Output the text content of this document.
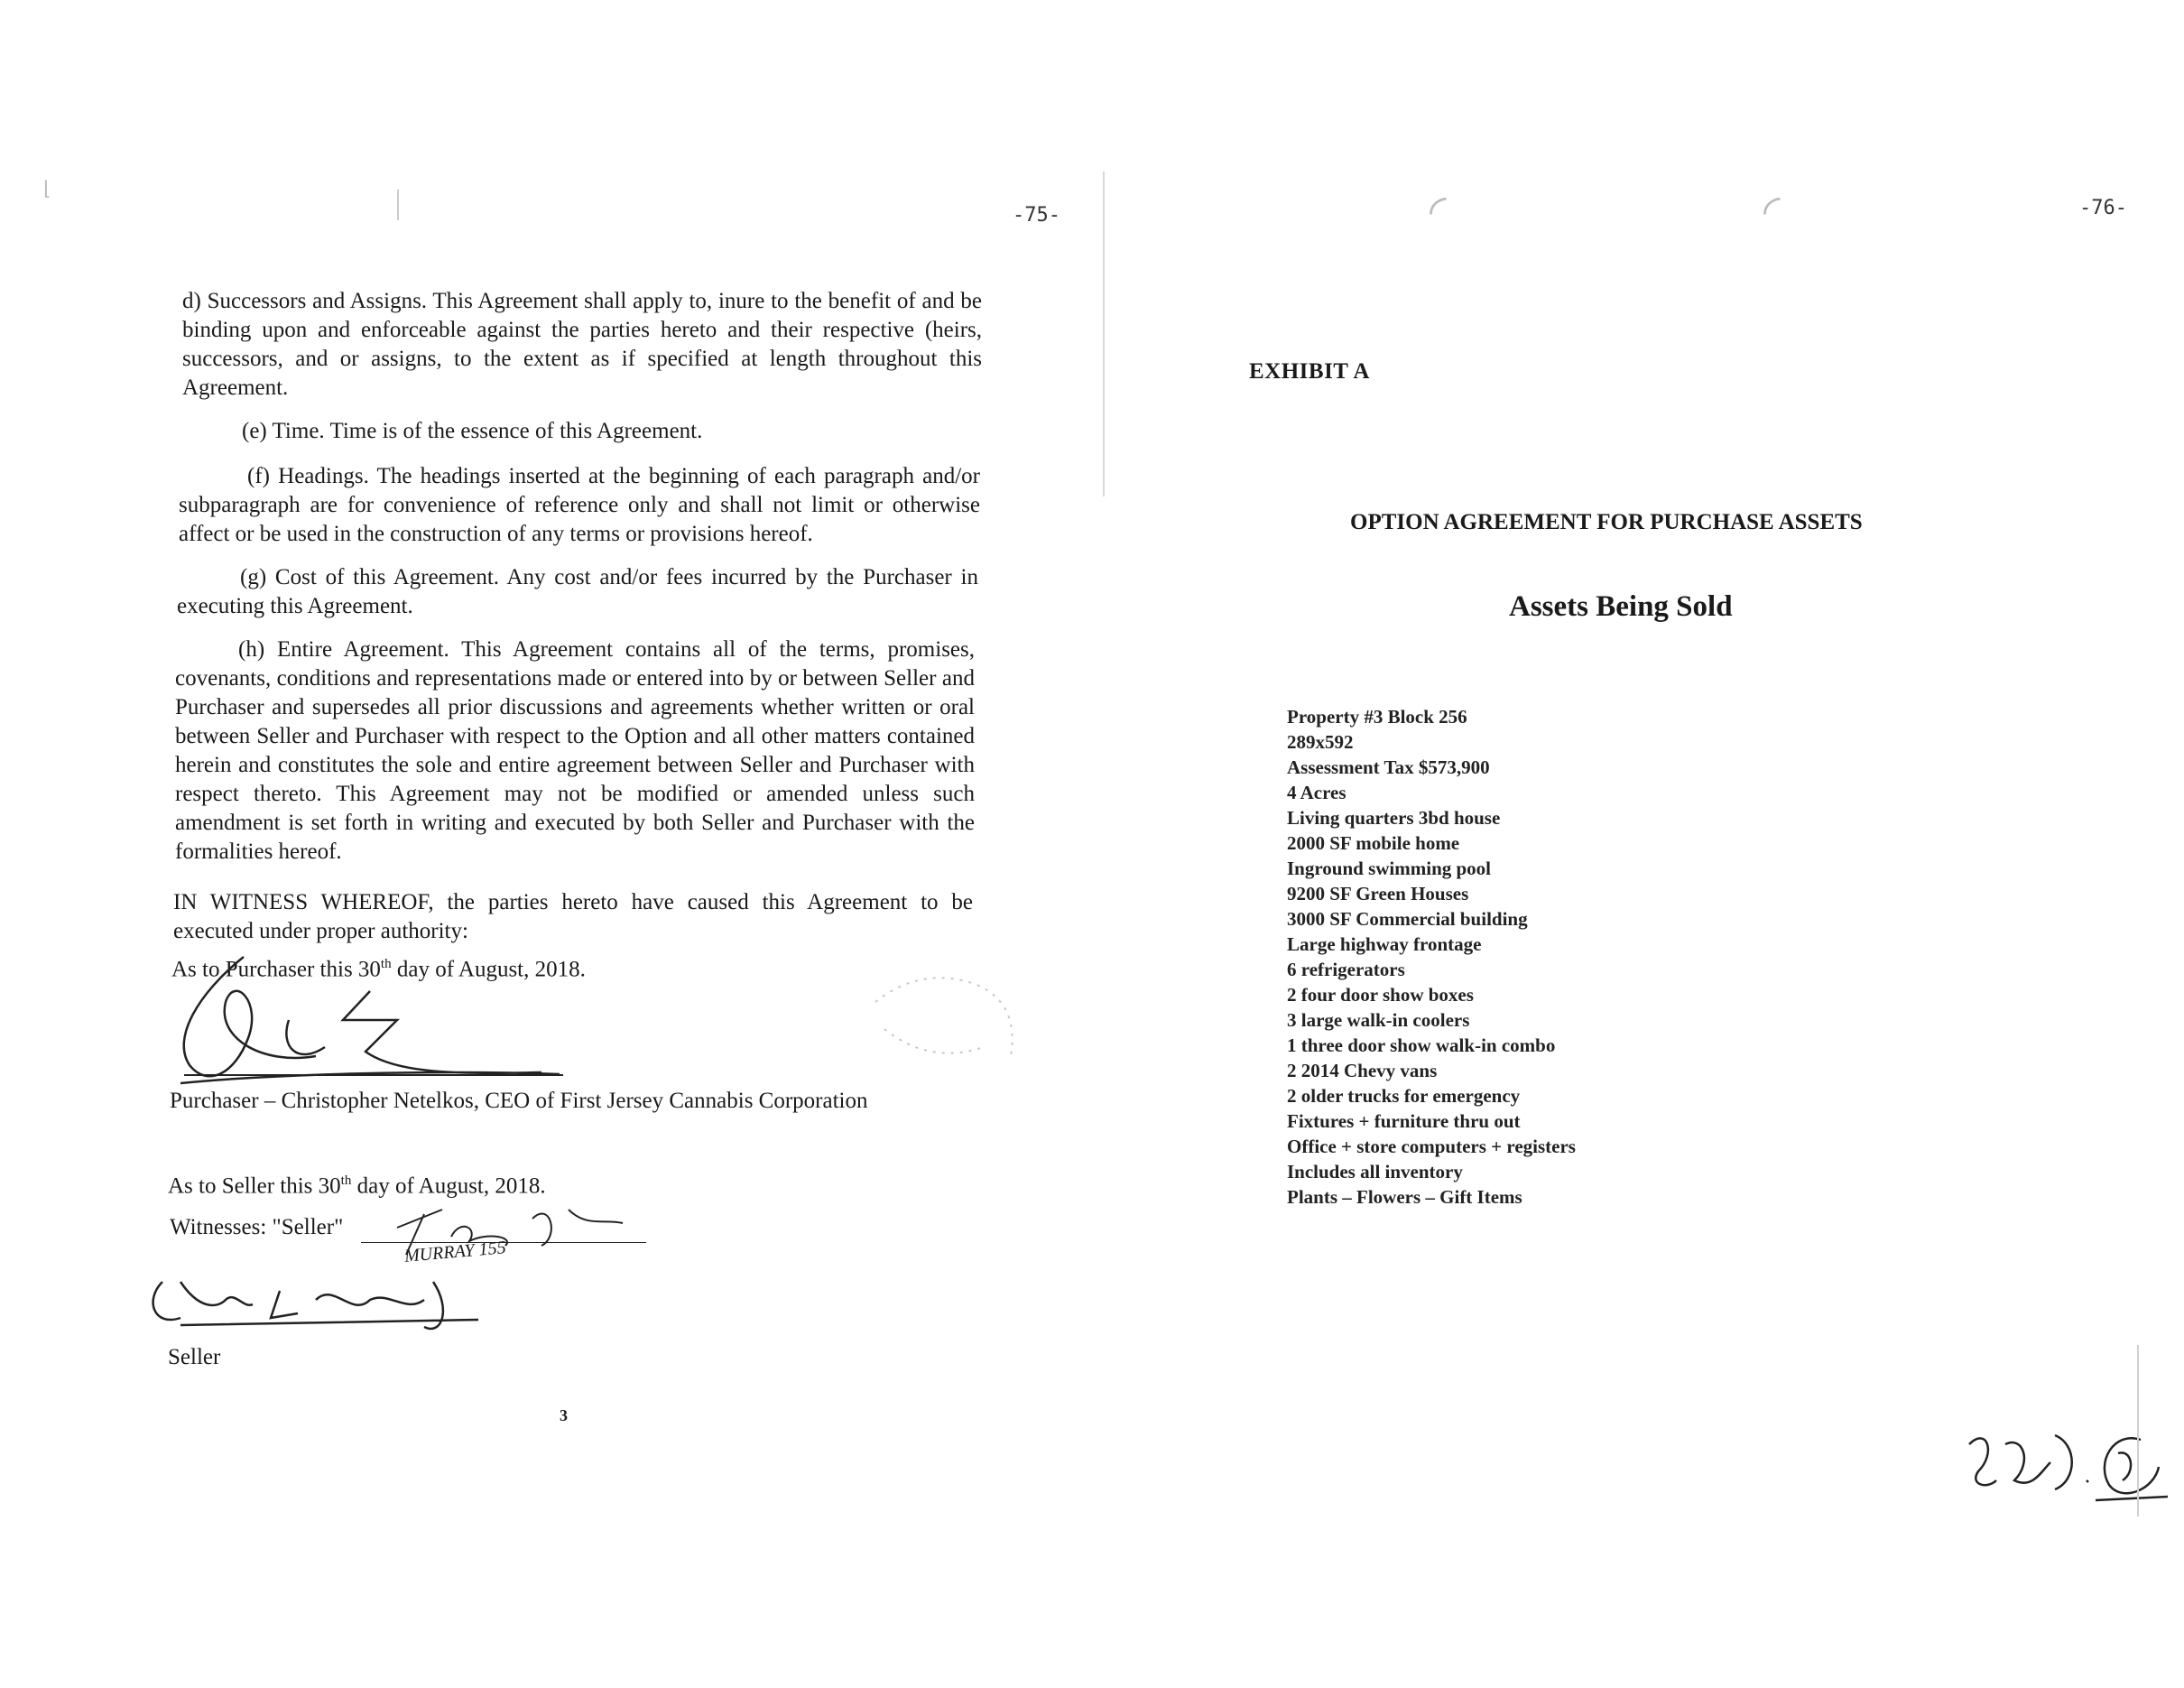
⌊
-75-

d) Successors and Assigns. This Agreement shall apply to, inure to the benefit of and be binding upon and enforceable against the parties hereto and their respective (heirs, successors, and or assigns, to the extent as if specified at length throughout this Agreement.

(e) Time. Time is of the essence of this Agreement.

(f) Headings. The headings inserted at the beginning of each paragraph and/or subparagraph are for convenience of reference only and shall not limit or otherwise affect or be used in the construction of any terms or provisions hereof.

(g) Cost of this Agreement. Any cost and/or fees incurred by the Purchaser in executing this Agreement.

(h) Entire Agreement. This Agreement contains all of the terms, promises, covenants, conditions and representations made or entered into by or between Seller and Purchaser and supersedes all prior discussions and agreements whether written or oral between Seller and Purchaser with respect to the Option and all other matters contained herein and constitutes the sole and entire agreement between Seller and Purchaser with respect thereto. This Agreement may not be modified or amended unless such amendment is set forth in writing and executed by both Seller and Purchaser with the formalities hereof.

IN WITNESS WHEREOF, the parties hereto have caused this Agreement to be executed under proper authority:

As to Purchaser this 30th day of August, 2018.

Purchaser – Christopher Netelkos, CEO of First Jersey Cannabis Corporation

As to Seller this 30th day of August, 2018.

Witnesses: "Seller"

MURRAY 155

Seller

3
◜	◜	-76-
EXHIBIT A
OPTION AGREEMENT FOR PURCHASE ASSETS
Assets Being Sold
Property #3 Block 256
289x592
Assessment Tax $573,900
4 Acres
Living quarters 3bd house
2000 SF mobile home
Inground swimming pool
9200 SF Green Houses
3000 SF Commercial building
Large highway frontage
6 refrigerators
2 four door show boxes
3 large walk-in coolers
1 three door show walk-in combo
2 2014 Chevy vans
2 older trucks for emergency
Fixtures + furniture thru out
Office + store computers + registers
Includes all inventory
Plants – Flowers – Gift Items
